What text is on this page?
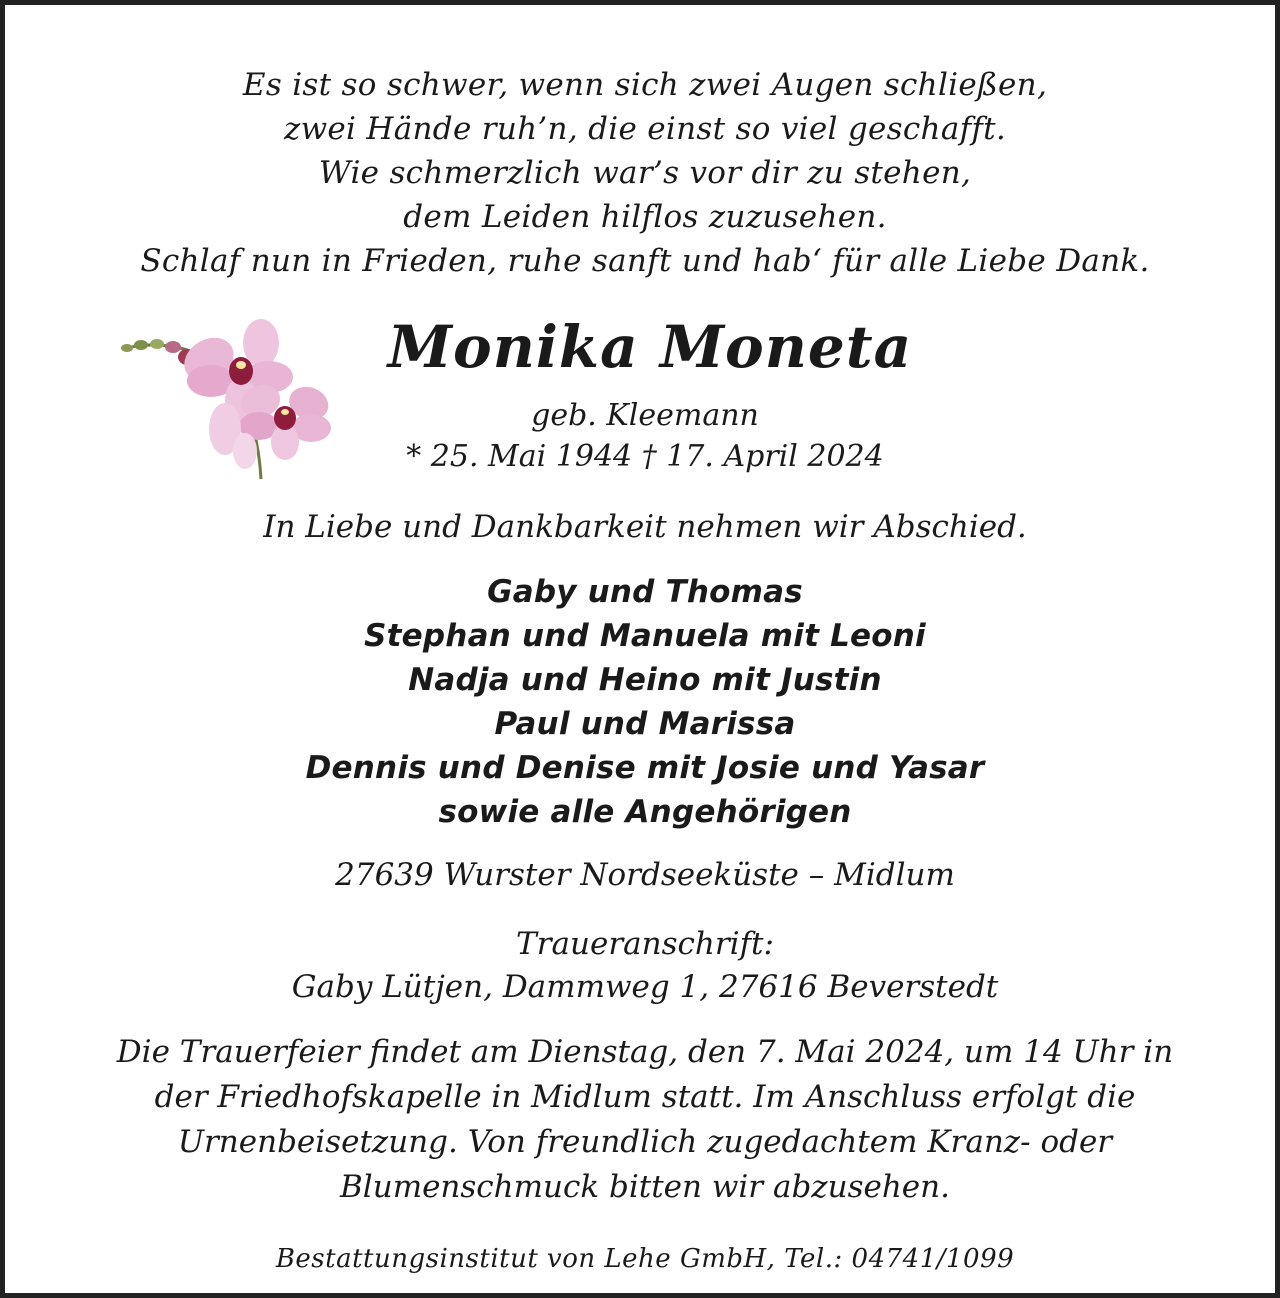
Es ist so schwer, wenn sich zwei Augen schließen,
zwei Hände ruh’n, die einst so viel geschafft.
Wie schmerzlich war’s vor dir zu stehen,
dem Leiden hilflos zuzusehen.
Schlaf nun in Frieden, ruhe sanft und hab‘ für alle Liebe Dank.
Monika Moneta
geb. Kleemann
* 25. Mai 1944 † 17. April 2024
In Liebe und Dankbarkeit nehmen wir Abschied.
Gaby und Thomas
Stephan und Manuela mit Leoni
Nadja und Heino mit Justin
Paul und Marissa
Dennis und Denise mit Josie und Yasar
sowie alle Angehörigen
27639 Wurster Nordseeküste – Midlum
Traueranschrift:
Gaby Lütjen, Dammweg 1, 27616 Beverstedt
Die Trauerfeier findet am Dienstag, den 7. Mai 2024, um 14 Uhr in
der Friedhofskapelle in Midlum statt. Im Anschluss erfolgt die
Urnenbeisetzung. Von freundlich zugedachtem Kranz- oder
Blumenschmuck bitten wir abzusehen.
Bestattungsinstitut von Lehe GmbH, Tel.: 04741/1099
